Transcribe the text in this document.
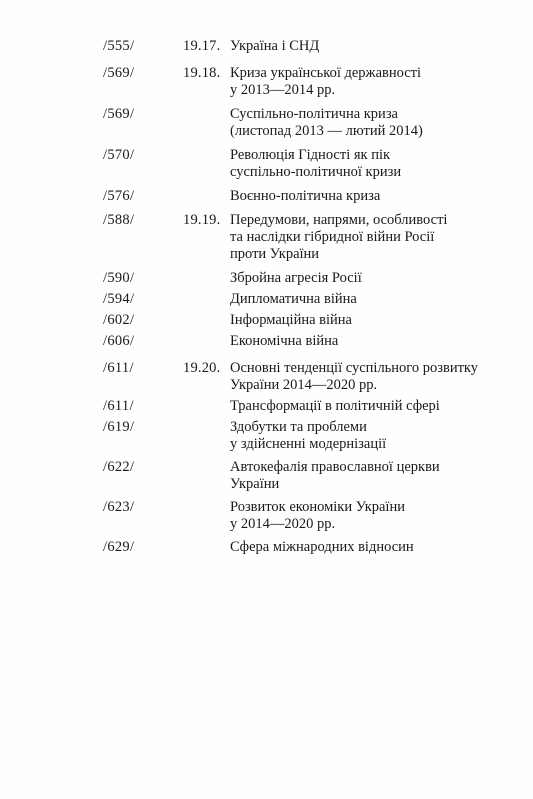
/555/	19.17. Україна і СНД
/569/	19.18. Криза української державності
у 2013—2014 рр.
/569/	Суспільно-політична криза
(листопад 2013 — лютий 2014)
/570/	Революція Гідності як пік
суспільно-політичної кризи
/576/	Воєнно-політична криза
/588/	19.19. Передумови, напрями, особливості
та наслідки гібридної війни Росії
проти України
/590/	Збройна агресія Росії
/594/	Дипломатична війна
/602/	Інформаційна війна
/606/	Економічна війна
/611/	19.20. Основні тенденції суспільного розвитку
України 2014—2020 рр.
/611/	Трансформації в політичній сфері
/619/	Здобутки та проблеми
у здійсненні модернізації
/622/	Автокефалія православної церкви
України
/623/	Розвиток економіки України
у 2014—2020 рр.
/629/	Сфера міжнародних відносин
